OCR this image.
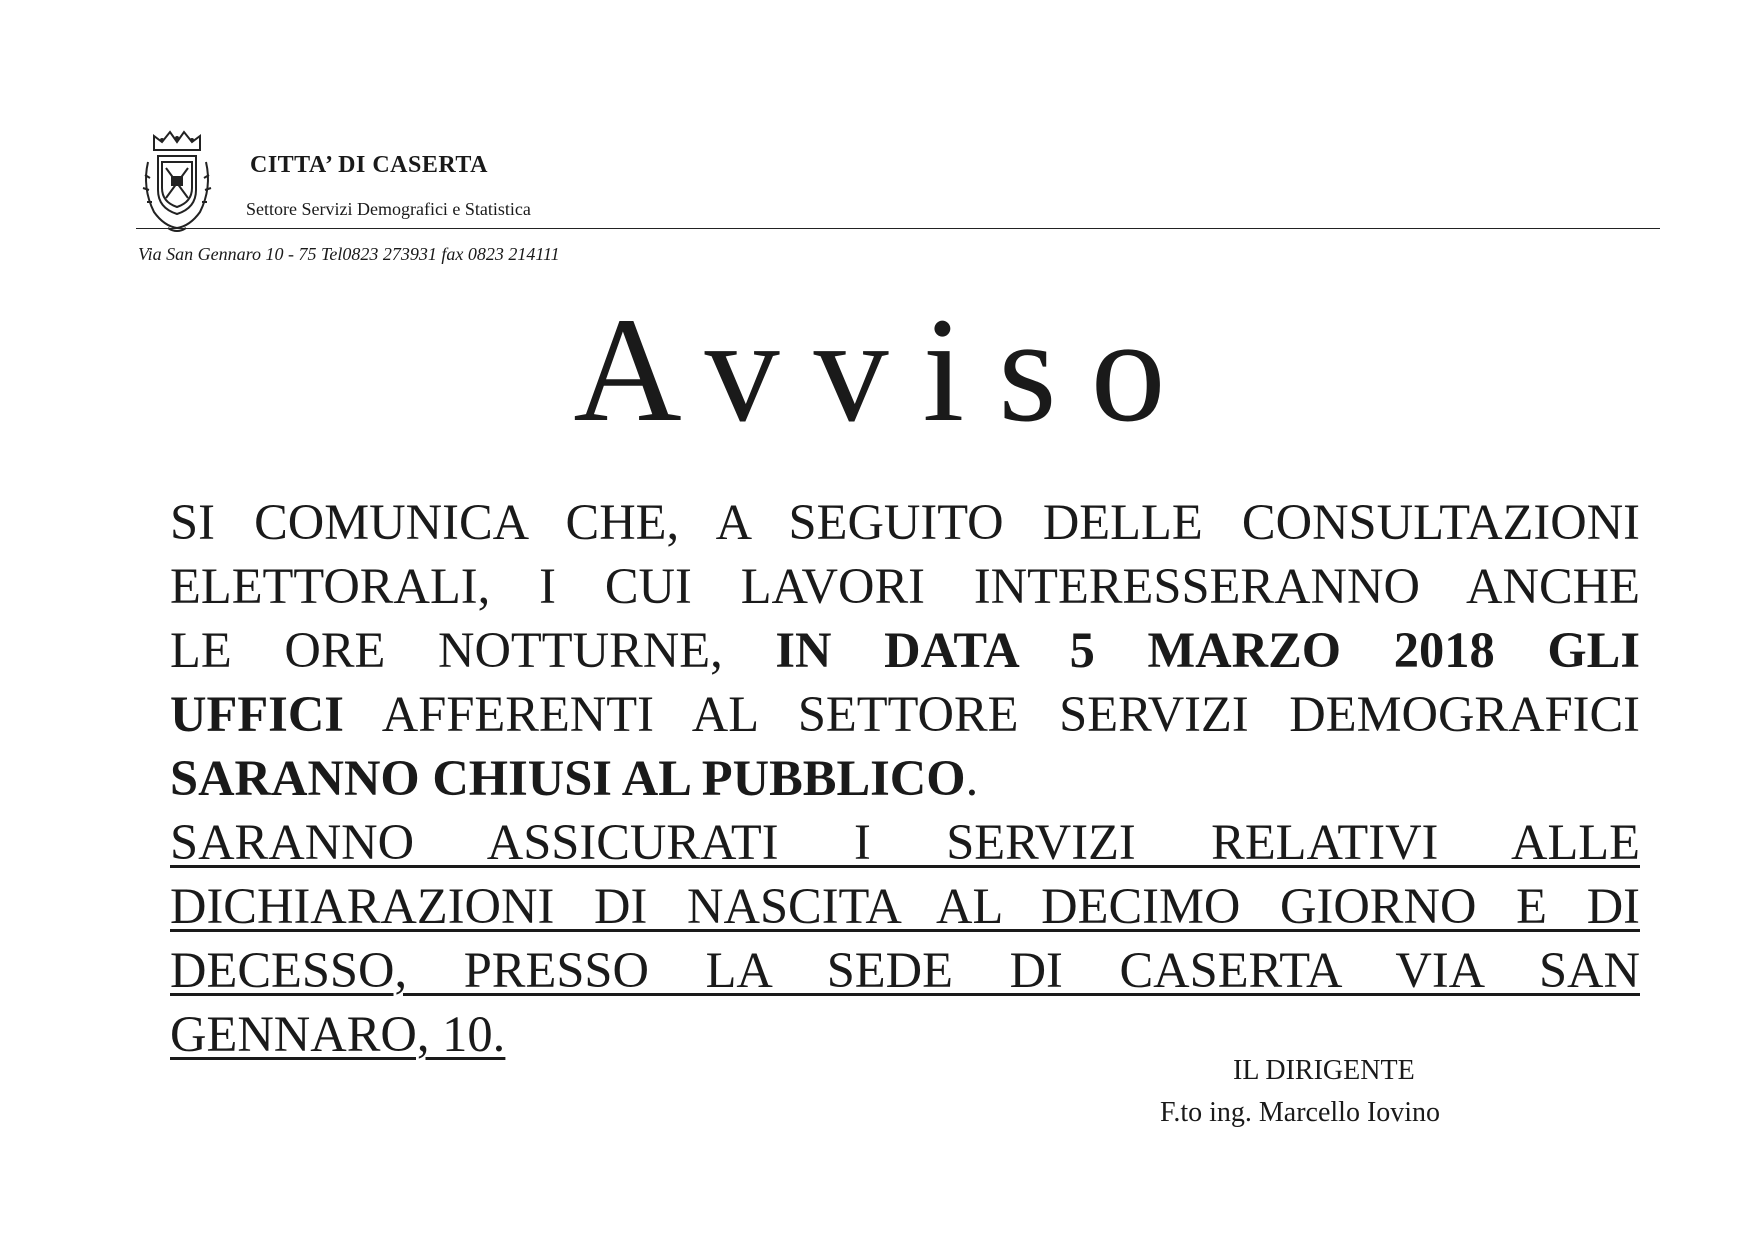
CITTA’ DI CASERTA
Settore Servizi Demografici e Statistica
Via San Gennaro 10 - 75 Tel0823 273931 fax 0823 214111
Avviso
SI COMUNICA CHE, A SEGUITO DELLE CONSULTAZIONI
ELETTORALI, I CUI LAVORI INTERESSERANNO ANCHE
LE ORE NOTTURNE, IN DATA 5 MARZO 2018 GLI
UFFICI AFFERENTI AL SETTORE SERVIZI DEMOGRAFICI
SARANNO CHIUSI AL PUBBLICO.
SARANNO ASSICURATI I SERVIZI RELATIVI ALLE
DICHIARAZIONI DI NASCITA AL DECIMO GIORNO E DI
DECESSO, PRESSO LA SEDE DI CASERTA VIA SAN
GENNARO, 10.
IL DIRIGENTE
F.to ing. Marcello Iovino
